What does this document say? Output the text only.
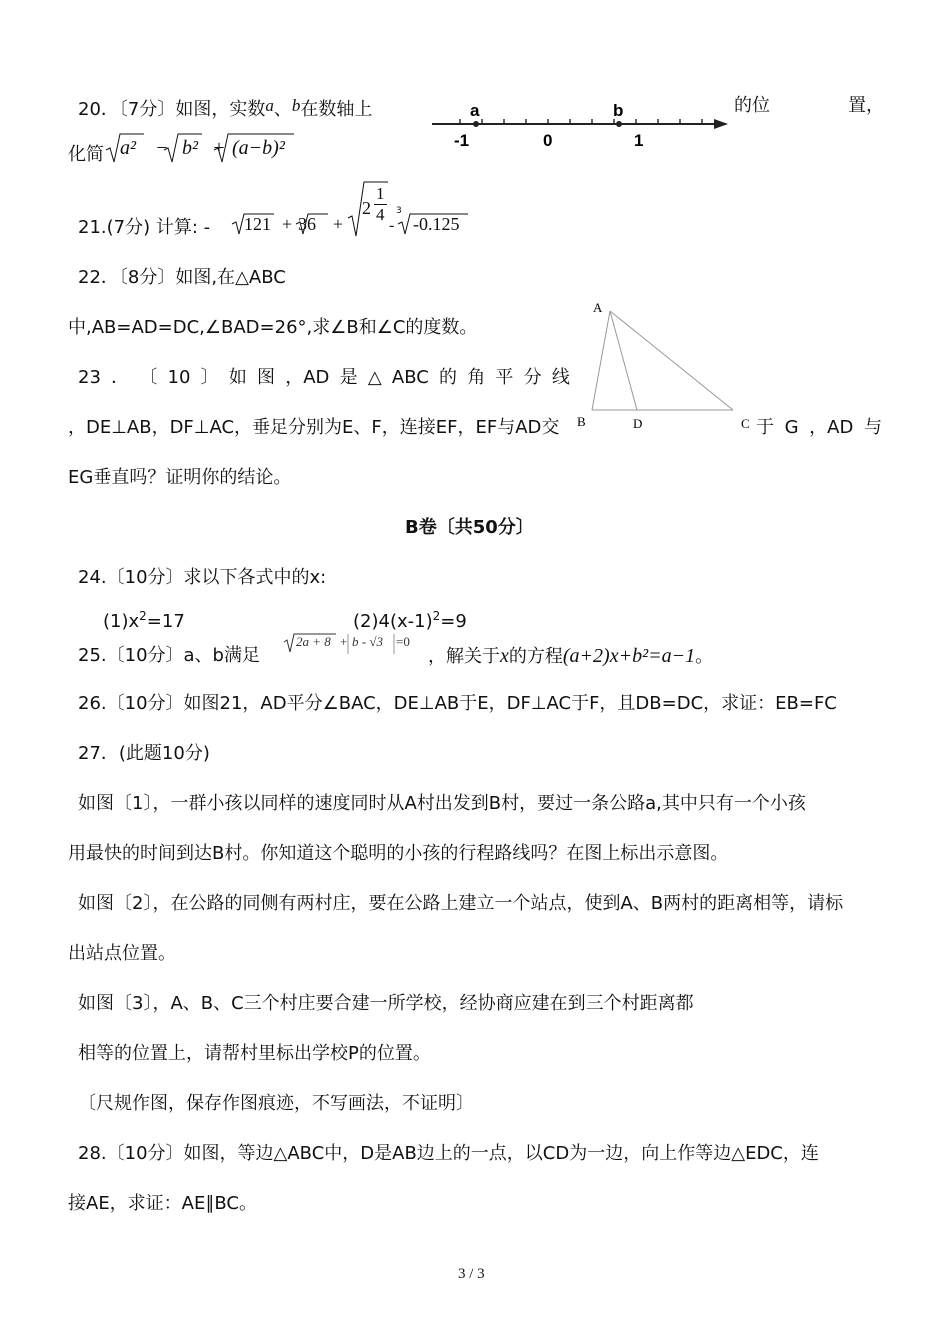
20．〔7分〕如图，实数a、b在数轴上	的位	置，
a	b
-1	0	1
化简 a² − b² + (a−b)²
21.(7分) 计算: - 121 + 36 +
$2 \frac{1}{4}$
-
3
-0.125
22．〔8分〕如图,在△ABC
中,AB=AD=DC,∠BAD=26°,求∠B和∠C的度数。
A
B	C
D
23 ． 〔 10 〕 如 图 ，AD 是 △ ABC 的 角 平 分 线
，DE⊥AB，DF⊥AC，垂足分别为E、F，连接EF，EF与AD交	于 G ，AD 与
EG垂直吗？证明你的结论。
B卷〔共50分〕
24.〔10分〕求以下各式中的x:
$(1)x^2=17$	$(2)4(x-1)^2=9$
25.〔10分〕a、b满足
2a + 8 + b - √3 =0
，解关于x的方程(a+2)x+b²=a−1。
26.〔10分〕如图21，AD平分∠BAC，DE⊥AB于E，DF⊥AC于F，且DB=DC，求证：EB=FC
27．(此题10分)
如图〔1〕，一群小孩以同样的速度同时从A村出发到B村，要过一条公路a,其中只有一个小孩
用最快的时间到达B村。你知道这个聪明的小孩的行程路线吗？在图上标出示意图。
如图〔2〕，在公路的同侧有两村庄，要在公路上建立一个站点，使到A、B两村的距离相等，请标
出站点位置。
如图〔3〕，A、B、C三个村庄要合建一所学校，经协商应建在到三个村距离都
相等的位置上，请帮村里标出学校P的位置。
〔尺规作图，保存作图痕迹，不写画法，不证明〕
28.〔10分〕如图，等边△ABC中，D是AB边上的一点，以CD为一边，向上作等边△EDC，连
接AE，求证：AE∥BC。
3 / 3
